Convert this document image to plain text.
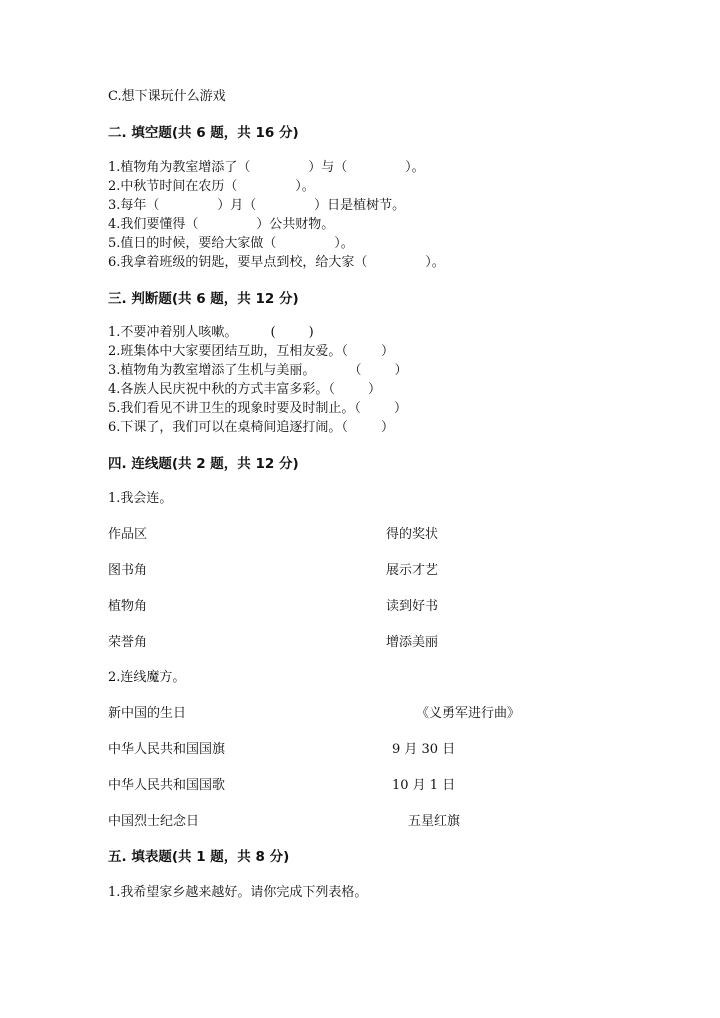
C.想下课玩什么游戏
二. 填空题(共 6 题，共 16 分)
1.植物角为教室增添了（              ）与（              ）。
2.中秋节时间在农历（              ）。
3.每年（              ）月（              ）日是植树节。
4.我们要懂得（              ）公共财物。
5.值日的时候，要给大家做（              ）。
6.我拿着班级的钥匙，要早点到校，给大家（              ）。
三. 判断题(共 6 题，共 12 分)
1.不要冲着别人咳嗽。        (        )
2.班集体中大家要团结互助，互相友爱。（        ）
3.植物角为教室增添了生机与美丽。        （        ）
4.各族人民庆祝中秋的方式丰富多彩。（        ）
5.我们看见不讲卫生的现象时要及时制止。（        ）
6.下课了，我们可以在桌椅间追逐打闹。（        ）
四. 连线题(共 2 题，共 12 分)
1.我会连。
作品区	得的奖状
图书角	展示才艺
植物角	读到好书
荣誉角	增添美丽
2.连线魔方。
新中国的生日	《义勇军进行曲》
中华人民共和国国旗	9 月 30 日
中华人民共和国国歌	10 月 1 日
中国烈士纪念日	五星红旗
五. 填表题(共 1 题，共 8 分)
1.我希望家乡越来越好。请你完成下列表格。
